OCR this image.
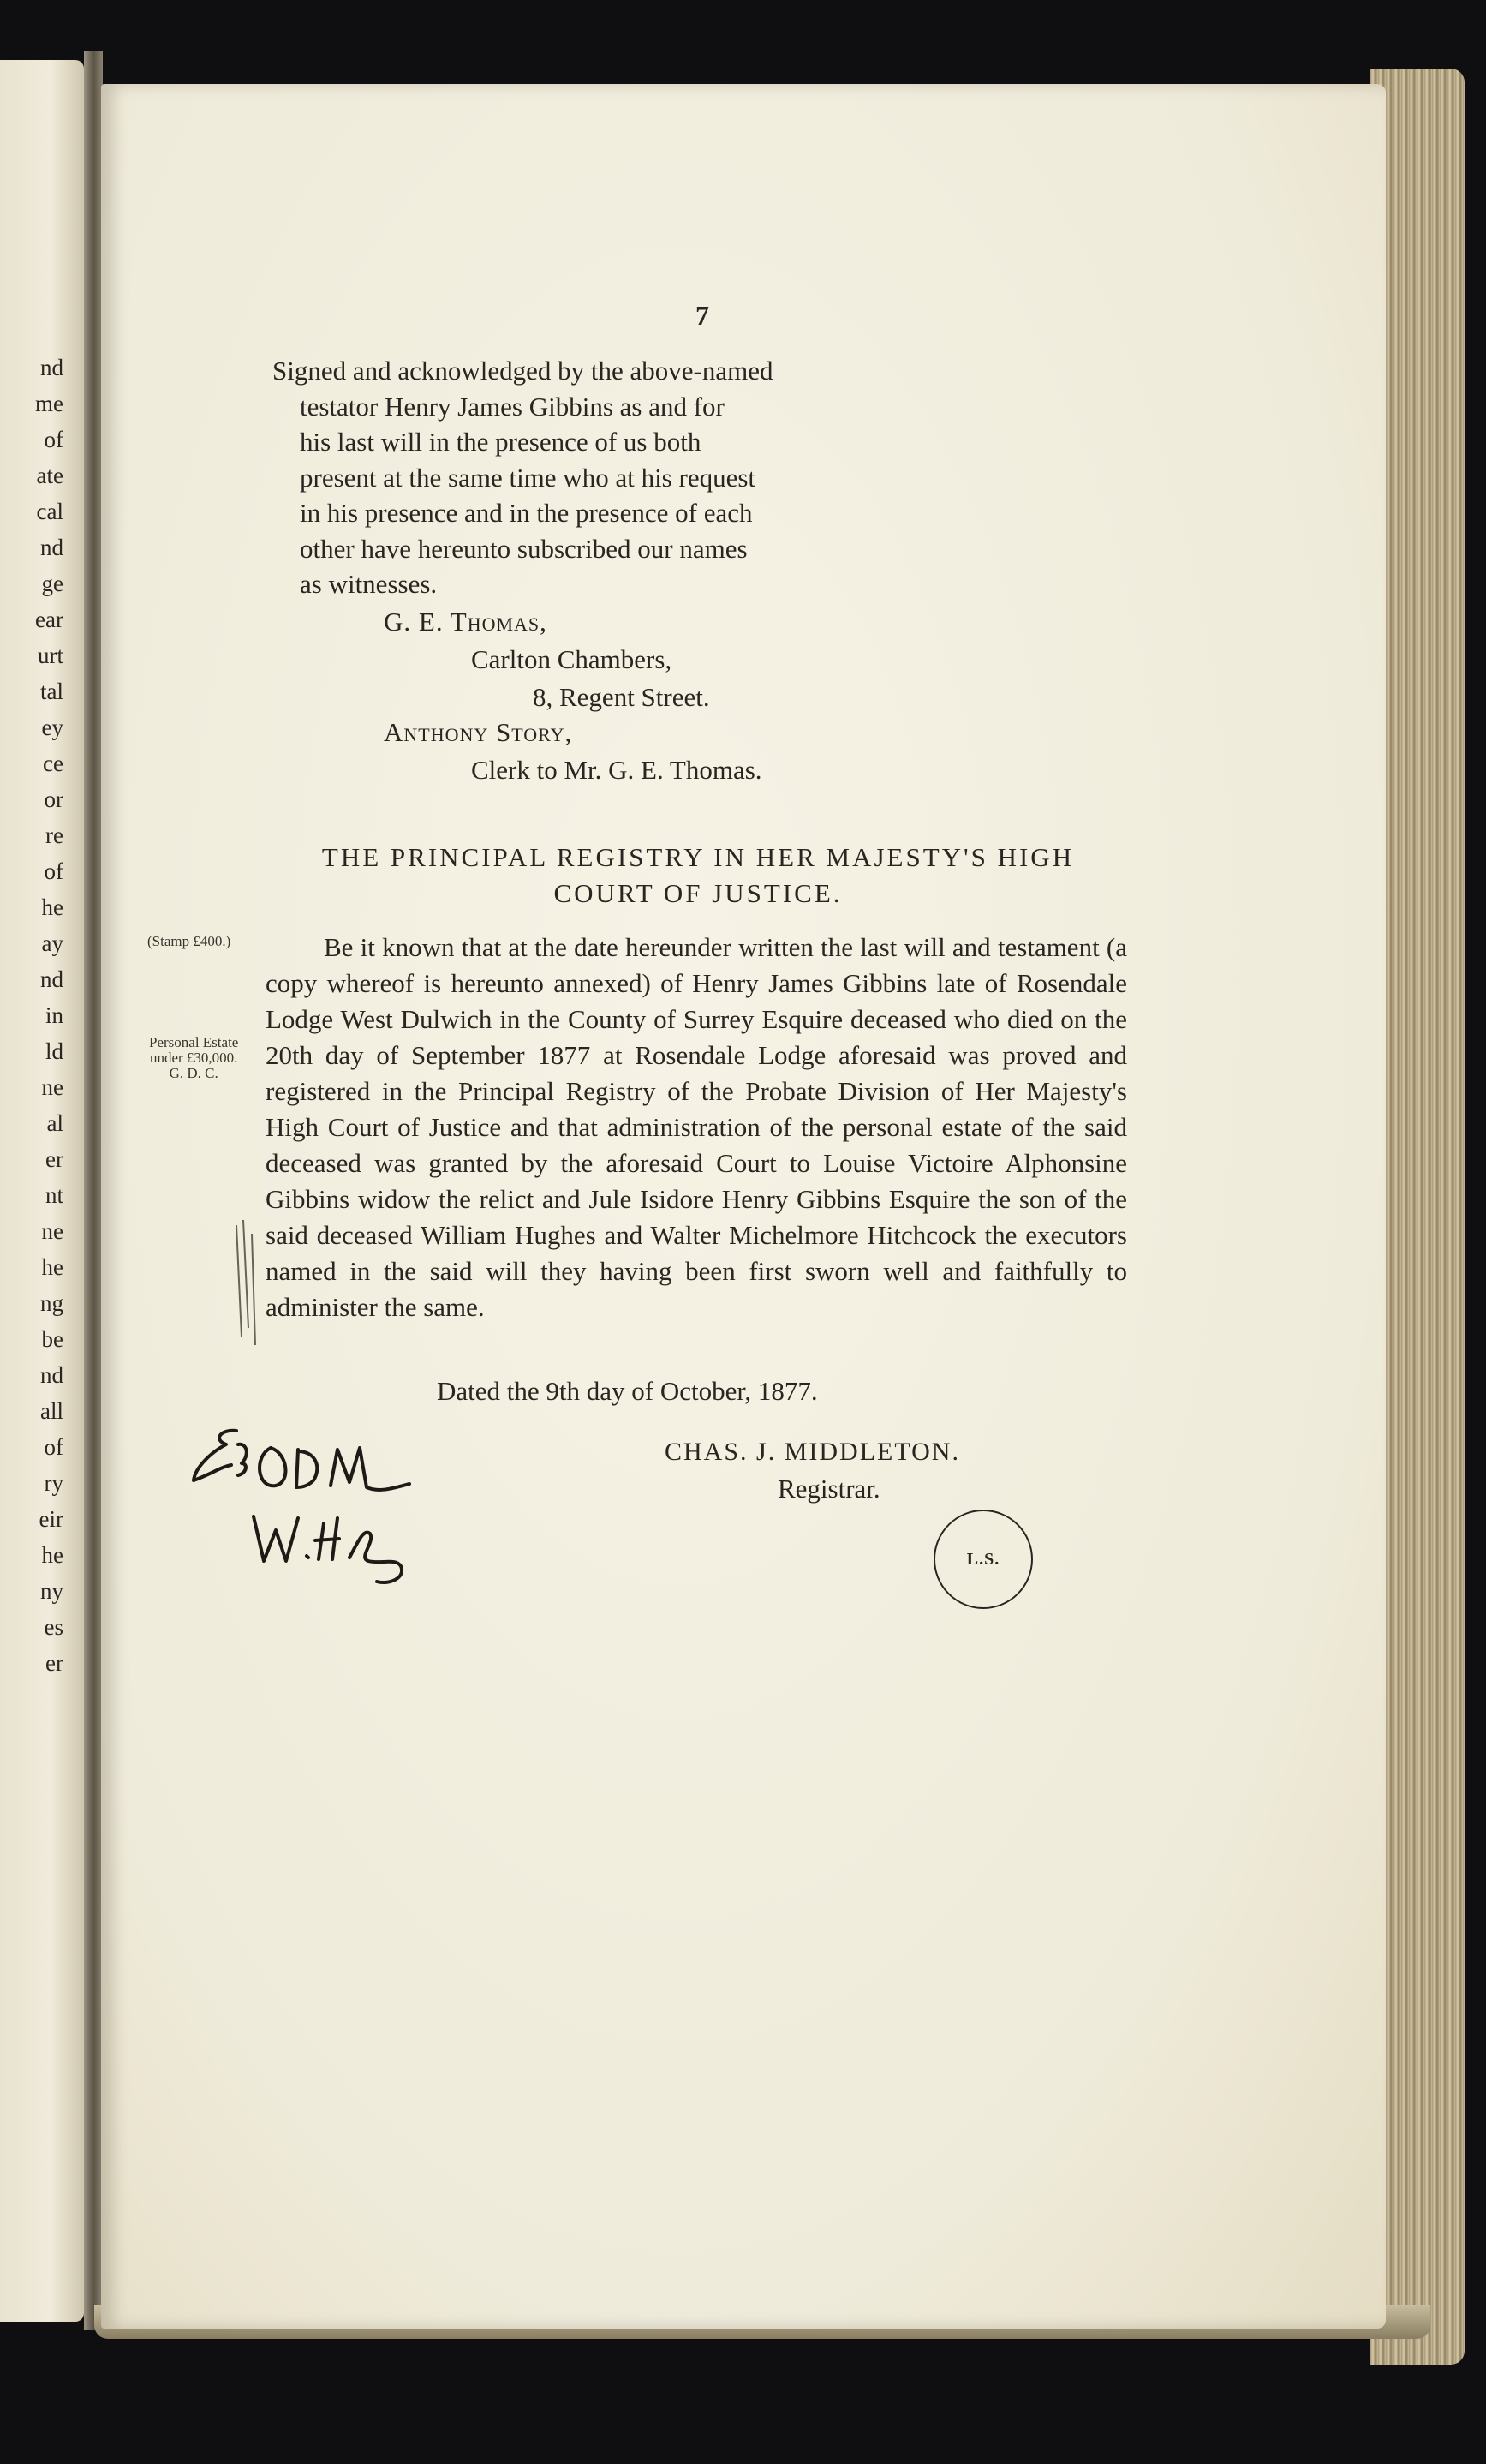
nd
me
of
ate
cal
nd
ge
ear
urt
tal
ey
ce
or
re
of
he
ay
nd
in
ld
ne
al
er
nt
ne
he
ng
be
nd
all
of
ry
eir
he
ny
es
er
7
Signed and acknowledged by the above-named
testator Henry James Gibbins as and for
his last will in the presence of us both
present at the same time who at his request
in his presence and in the presence of each
other have hereunto subscribed our names
as witnesses.
G. E. Thomas,
Carlton Chambers,
8, Regent Street.
Anthony Story,
Clerk to Mr. G. E. Thomas.
THE PRINCIPAL REGISTRY IN HER MAJESTY'S HIGH
COURT OF JUSTICE.
(Stamp £400.)
Personal Estate
under £30,000.
G. D. C.

Be it known that at the date hereunder written the last will and testament (a copy whereof is hereunto annexed) of Henry James Gibbins late of Rosendale Lodge West Dulwich in the County of Surrey Esquire deceased who died on the 20th day of September 1877 at Rosendale Lodge aforesaid was proved and registered in the Principal Registry of the Probate Division of Her Majesty's High Court of Justice and that administration of the personal estate of the said deceased was granted by the aforesaid Court to Louise Victoire Alphonsine Gibbins widow the relict and Jule Isidore Henry Gibbins Esquire the son of the said deceased William Hughes and Walter Michelmore Hitchcock the executors named in the said will they having been first sworn well and faithfully to administer the same.

Dated the 9th day of October, 1877.
CHAS. J. MIDDLETON.
Registrar.
L.S.
